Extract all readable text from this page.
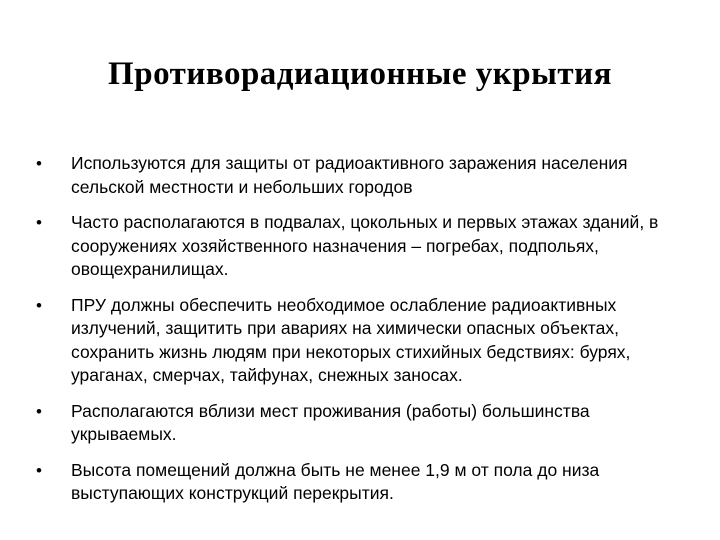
Противорадиационные укрытия
• Используются для защиты от радиоактивного заражения населения сельской местности и небольших городов
• Часто располагаются в подвалах, цокольных и первых этажах зданий, в сооружениях хозяйственного назначения – погребах, подпольях, овощехранилищах.
• ПРУ должны обеспечить необходимое ослабление радиоактивных излучений, защитить при авариях на химически опасных объектах, сохранить жизнь людям при некоторых стихийных бедствиях: бурях, ураганах, смерчах, тайфунах, снежных заносах.
• Располагаются вблизи мест проживания (работы) большинства укрываемых.
• Высота помещений должна быть не менее 1,9 м от пола до низа выступающих конструкций перекрытия.
